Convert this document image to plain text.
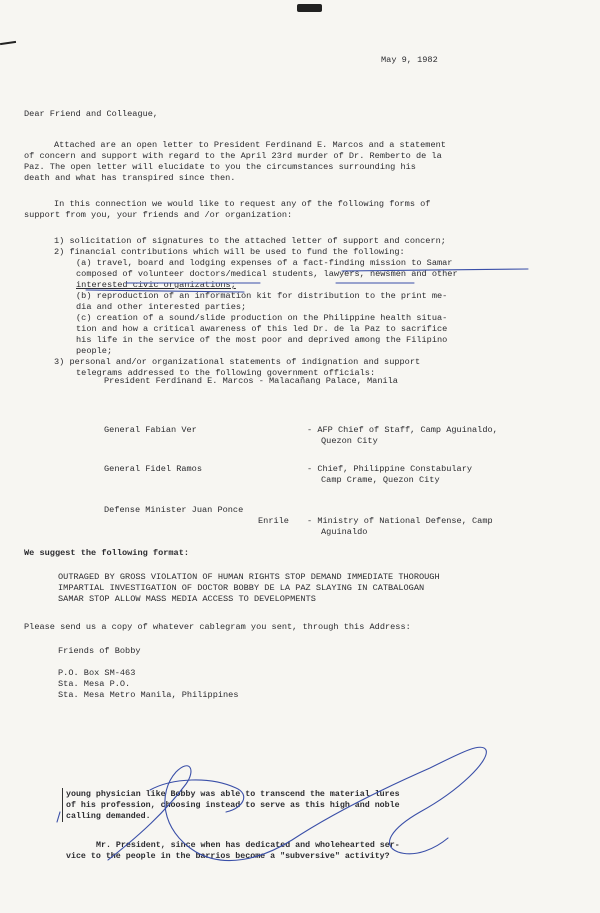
May 9, 1982
Dear Friend and Colleague,
Attached are an open letter to President Ferdinand E. Marcos and a statement
of concern and support with regard to the April 23rd murder of Dr. Remberto de la
Paz. The open letter will elucidate to you the circumstances surrounding his
death and what has transpired since then.
In this connection we would like to request any of the following forms of
support from you, your friends and /or organization:
1) solicitation of signatures to the attached letter of support and concern;
2) financial contributions which will be used to fund the following:
(a) travel, board and lodging expenses of a fact-finding mission to Samar
composed of volunteer doctors/medical students, lawyers, newsmen and other
interested civic organizations;
(b) reproduction of an information kit for distribution to the print me-
dia and other interested parties;
(c) creation of a sound/slide production on the Philippine health situa-
tion and how a critical awareness of this led Dr. de la Paz to sacrifice
his life in the service of the most poor and deprived among the Filipino
people;
3) personal and/or organizational statements of indignation and support
telegrams addressed to the following government officials:
President Ferdinand E. Marcos - Malacañang Palace, Manila
General Fabian Ver	- AFP Chief of Staff, Camp Aguinaldo,
Quezon City
General Fidel Ramos	- Chief, Philippine Constabulary
Camp Crame, Quezon City
Defense Minister Juan Ponce
Enrile - Ministry of National Defense, Camp
Aguinaldo
We suggest the following format:
OUTRAGED BY GROSS VIOLATION OF HUMAN RIGHTS STOP DEMAND IMMEDIATE THOROUGH
IMPARTIAL INVESTIGATION OF DOCTOR BOBBY DE LA PAZ SLAYING IN CATBALOGAN
SAMAR STOP ALLOW MASS MEDIA ACCESS TO DEVELOPMENTS
Please send us a copy of whatever cablegram you sent, through this Address:
Friends of Bobby
P.O. Box SM-463
Sta. Mesa P.O.
Sta. Mesa Metro Manila, Philippines
young physician like Bobby was able to transcend the material lures
of his profession, choosing instead to serve as this high and noble
calling demanded.
Mr. President, since when has dedicated and wholehearted ser-
vice to the people in the barrios become a "subversive" activity?
